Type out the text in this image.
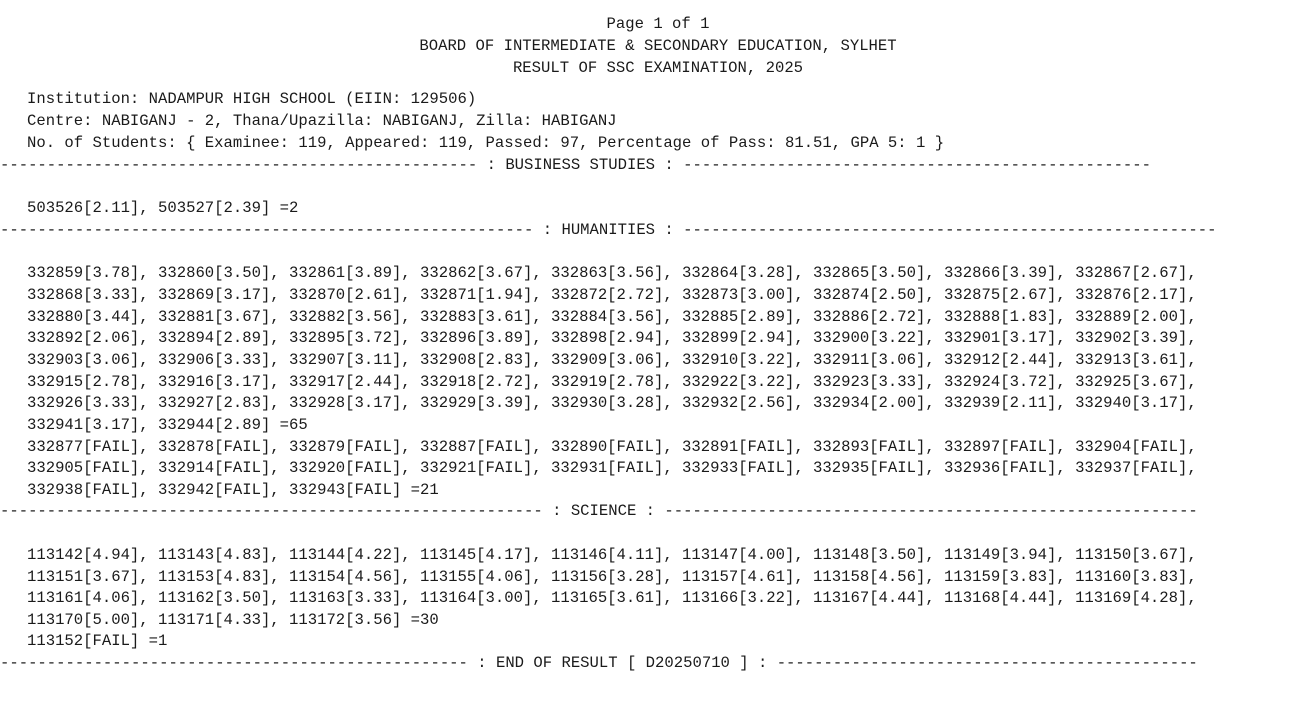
Page 1 of 1
BOARD OF INTERMEDIATE & SECONDARY EDUCATION, SYLHET
RESULT OF SSC EXAMINATION, 2025
Institution: NADAMPUR HIGH SCHOOL (EIIN: 129506)
Centre: NABIGANJ - 2, Thana/Upazilla: NABIGANJ, Zilla: HABIGANJ
No. of Students: { Examinee: 119, Appeared: 119, Passed: 97, Percentage of Pass: 81.51, GPA 5: 1 }
--------------------------------------------------- : BUSINESS STUDIES : --------------------------------------------------
503526[2.11], 503527[2.39] =2
--------------------------------------------------------- : HUMANITIES : ---------------------------------------------------------
332859[3.78], 332860[3.50], 332861[3.89], 332862[3.67], 332863[3.56], 332864[3.28], 332865[3.50], 332866[3.39], 332867[2.67],
332868[3.33], 332869[3.17], 332870[2.61], 332871[1.94], 332872[2.72], 332873[3.00], 332874[2.50], 332875[2.67], 332876[2.17],
332880[3.44], 332881[3.67], 332882[3.56], 332883[3.61], 332884[3.56], 332885[2.89], 332886[2.72], 332888[1.83], 332889[2.00],
332892[2.06], 332894[2.89], 332895[3.72], 332896[3.89], 332898[2.94], 332899[2.94], 332900[3.22], 332901[3.17], 332902[3.39],
332903[3.06], 332906[3.33], 332907[3.11], 332908[2.83], 332909[3.06], 332910[3.22], 332911[3.06], 332912[2.44], 332913[3.61],
332915[2.78], 332916[3.17], 332917[2.44], 332918[2.72], 332919[2.78], 332922[3.22], 332923[3.33], 332924[3.72], 332925[3.67],
332926[3.33], 332927[2.83], 332928[3.17], 332929[3.39], 332930[3.28], 332932[2.56], 332934[2.00], 332939[2.11], 332940[3.17],
332941[3.17], 332944[2.89] =65
332877[FAIL], 332878[FAIL], 332879[FAIL], 332887[FAIL], 332890[FAIL], 332891[FAIL], 332893[FAIL], 332897[FAIL], 332904[FAIL],
332905[FAIL], 332914[FAIL], 332920[FAIL], 332921[FAIL], 332931[FAIL], 332933[FAIL], 332935[FAIL], 332936[FAIL], 332937[FAIL],
332938[FAIL], 332942[FAIL], 332943[FAIL] =21
---------------------------------------------------------- : SCIENCE : ---------------------------------------------------------
113142[4.94], 113143[4.83], 113144[4.22], 113145[4.17], 113146[4.11], 113147[4.00], 113148[3.50], 113149[3.94], 113150[3.67],
113151[3.67], 113153[4.83], 113154[4.56], 113155[4.06], 113156[3.28], 113157[4.61], 113158[4.56], 113159[3.83], 113160[3.83],
113161[4.06], 113162[3.50], 113163[3.33], 113164[3.00], 113165[3.61], 113166[3.22], 113167[4.44], 113168[4.44], 113169[4.28],
113170[5.00], 113171[4.33], 113172[3.56] =30
113152[FAIL] =1
-------------------------------------------------- : END OF RESULT [ D20250710 ] : ---------------------------------------------
